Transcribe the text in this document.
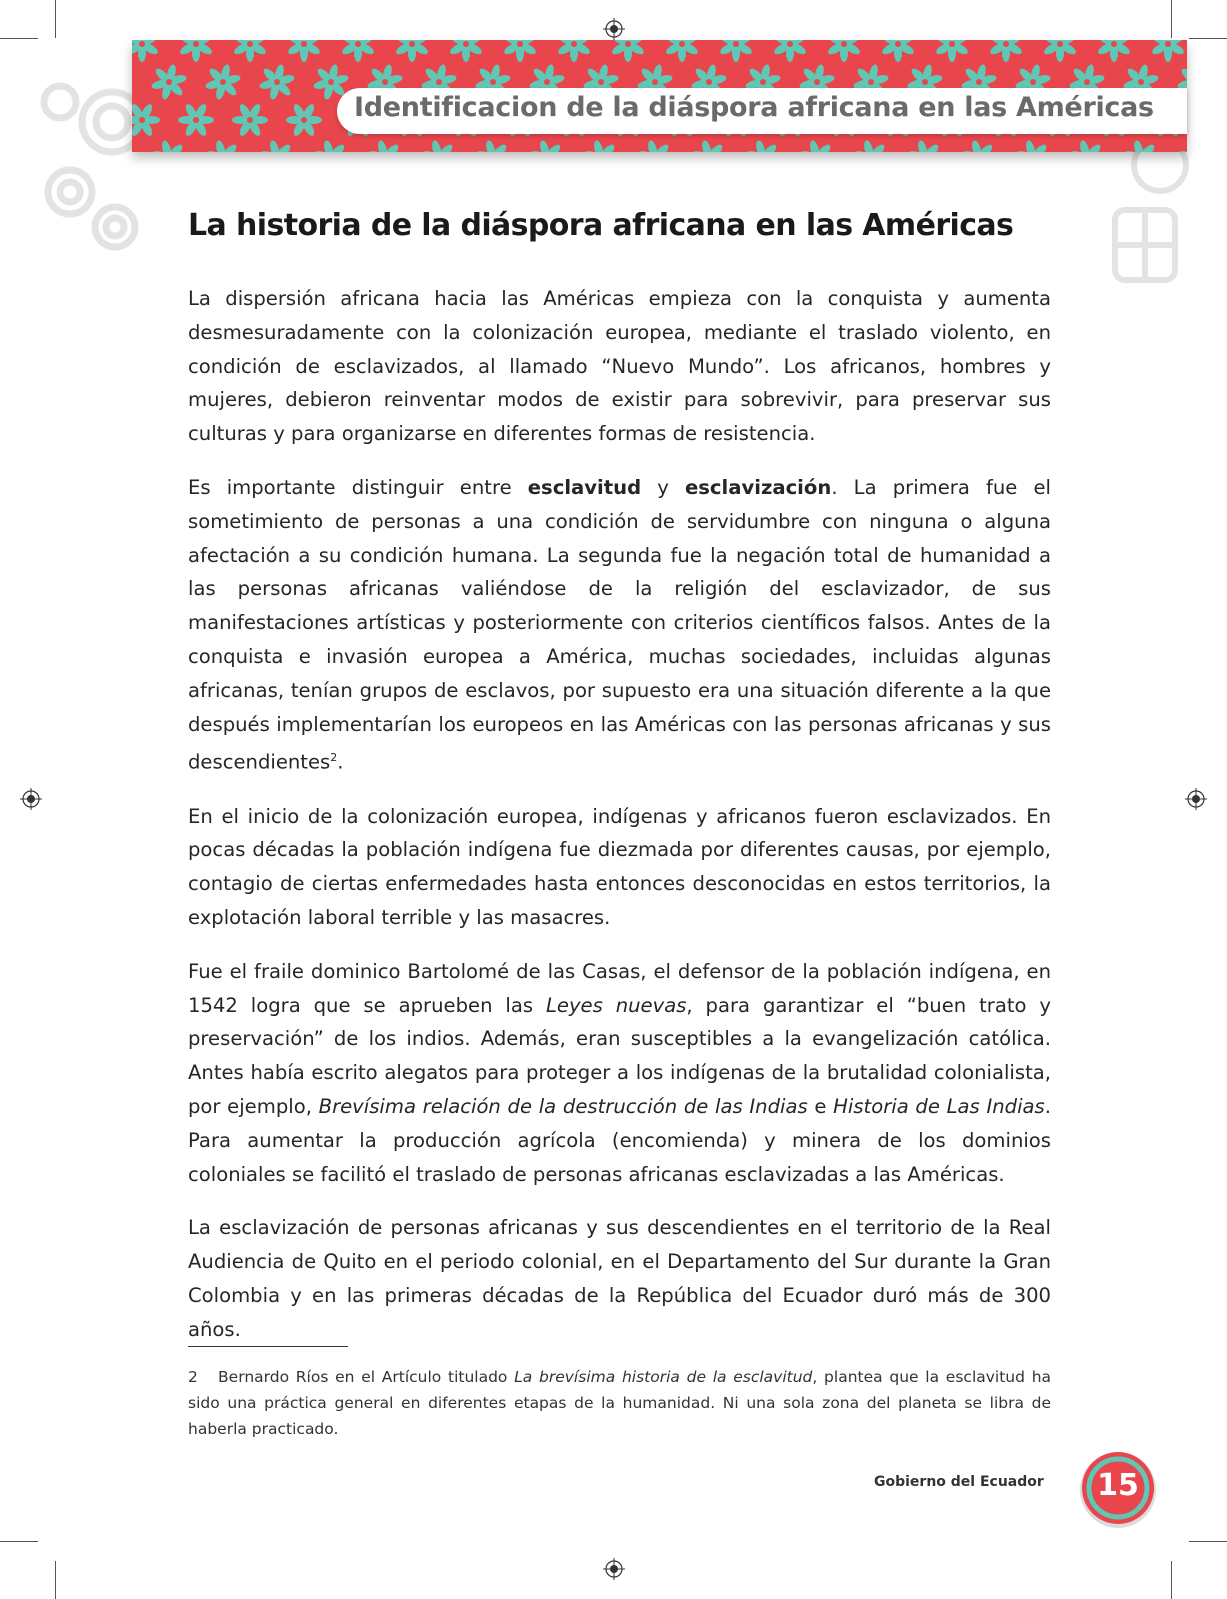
Identificacion de la diáspora africana en las Américas
La historia de la diáspora africana en las Américas

La dispersión africana hacia las Américas empieza con la conquista y aumenta desmesuradamente con la colonización europea, mediante el traslado violento, en condición de esclavizados, al llamado “Nuevo Mundo”. Los africanos, hombres y mujeres, debieron reinventar modos de existir para sobrevivir, para preservar sus culturas y para organizarse en diferentes formas de resistencia.

Es importante distinguir entre esclavitud y esclavización. La primera fue el sometimiento de personas a una condición de servidumbre con ninguna o alguna afectación a su condición humana. La segunda fue la negación total de humanidad a las personas africanas valiéndose de la religión del esclavizador, de sus manifestaciones artísticas y posteriormente con criterios científicos falsos. Antes de la conquista e invasión europea a América, muchas sociedades, incluidas algunas africanas, tenían grupos de esclavos, por supuesto era una situación diferente a la que después implementarían los europeos en las Américas con las personas africanas y sus descendientes$^2$.

En el inicio de la colonización europea, indígenas y africanos fueron esclavizados. En pocas décadas la población indígena fue diezmada por diferentes causas, por ejemplo, contagio de ciertas enfermedades hasta entonces desconocidas en estos territorios, la explotación laboral terrible y las masacres.

Fue el fraile dominico Bartolomé de las Casas, el defensor de la población indígena, en 1542 logra que se aprueben las Leyes nuevas, para garantizar el “buen trato y preservación” de los indios. Además, eran susceptibles a la evangelización católica. Antes había escrito alegatos para proteger a los indígenas de la brutalidad colonialista, por ejemplo, Brevísima relación de la destrucción de las Indias e Historia de Las Indias. Para aumentar la producción agrícola (encomienda) y minera de los dominios coloniales se facilitó el traslado de personas africanas esclavizadas a las Américas.

La esclavización de personas africanas y sus descendientes en el territorio de la Real Audiencia de Quito en el periodo colonial, en el Departamento del Sur durante la Gran Colombia y en las primeras décadas de la República del Ecuador duró más de 300 años.

2 Bernardo Ríos en el Artículo titulado La brevísima historia de la esclavitud, plantea que la esclavitud ha sido una práctica general en diferentes etapas de la humanidad. Ni una sola zona del planeta se libra de haberla practicado.
Gobierno del Ecuador	15
